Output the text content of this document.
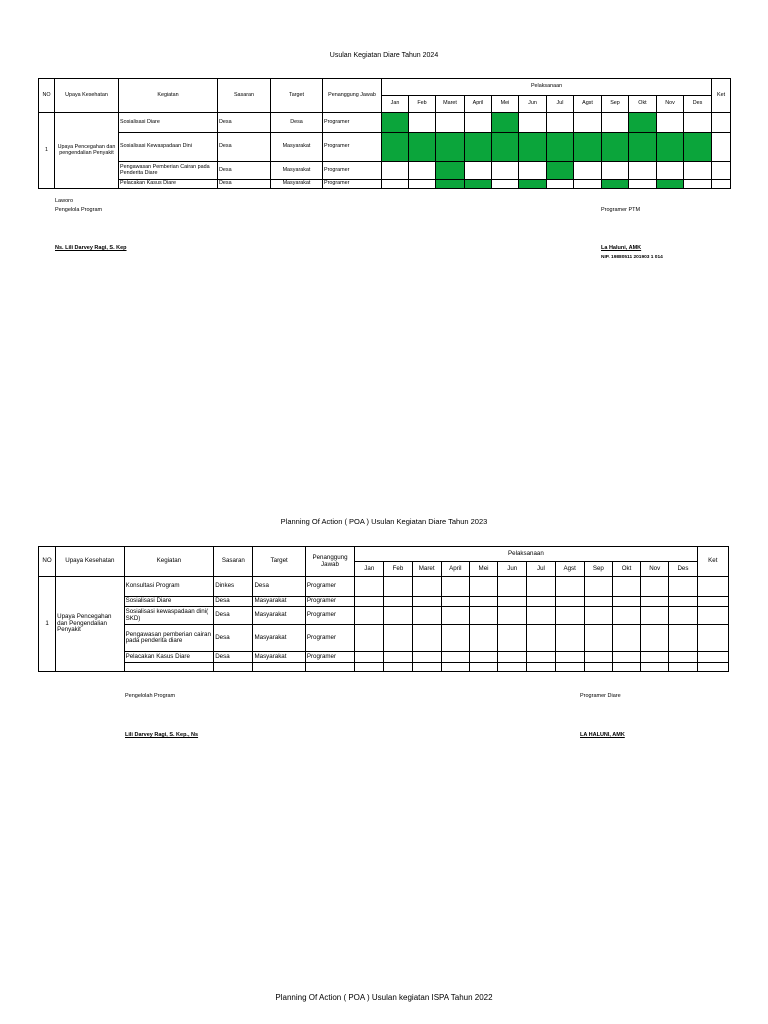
Usulan Kegiatan Diare Tahun 2024
NO	Upaya Kesehatan	Kegiatan	Sasaran	Target	Penanggung Jawab	Pelaksanaan												Ket
						Jan	Feb	Maret	April	Mei	Jun	Jul	Agst	Sep	Okt	Nov	Des	
1	Upaya Pencegahan dan pengendalian Penyakit	Sosialisasi Diare	Desa	Desa	Programer													
		Sosialisasi Kewaspadaan Dini	Desa	Masyarakat	Programer													
		Pengawasan Pemberian Cairan pada Penderita Diare	Desa	Masyarakat	Programer													
		Pelacakan Kasus Diare	Desa	Masyarakat	Programer													
Laworo
Pengelola Program
Ns. Lili Darvey Ragi, S. Kep
Programer PTM
La Haluni, AMK
NIP. 19880511 201903 1 014
Planning Of Action ( POA ) Usulan Kegiatan Diare Tahun 2023
NO	Upaya Kesehatan	Kegiatan	Sasaran	Target	Penanggung Jawab	Pelaksanaan												Ket
						Jan	Feb	Maret	April	Mei	Jun	Jul	Agst	Sep	Okt	Nov	Des	
1	Upaya Pencegahan dan Pengendalian Penyakit	Konsultasi Program	Dinkes	Desa	Programer													
		Sosialisasi Diare	Desa	Masyarakat	Programer													
		Sosialisasi kewaspadaan dini( SKD)	Desa	Masyarakat	Programer													
		Pengawasan pemberian cairan pada penderita diare	Desa	Masyarakat	Programer													
		Pelacakan Kasus Diare	Desa	Masyarakat	Programer													

Pengelolah Program
Lili Darvey Ragi, S. Kep., Ns
Programer Diare
LA HALUNI, AMK
Planning Of Action ( POA ) Usulan kegiatan ISPA Tahun 2022
